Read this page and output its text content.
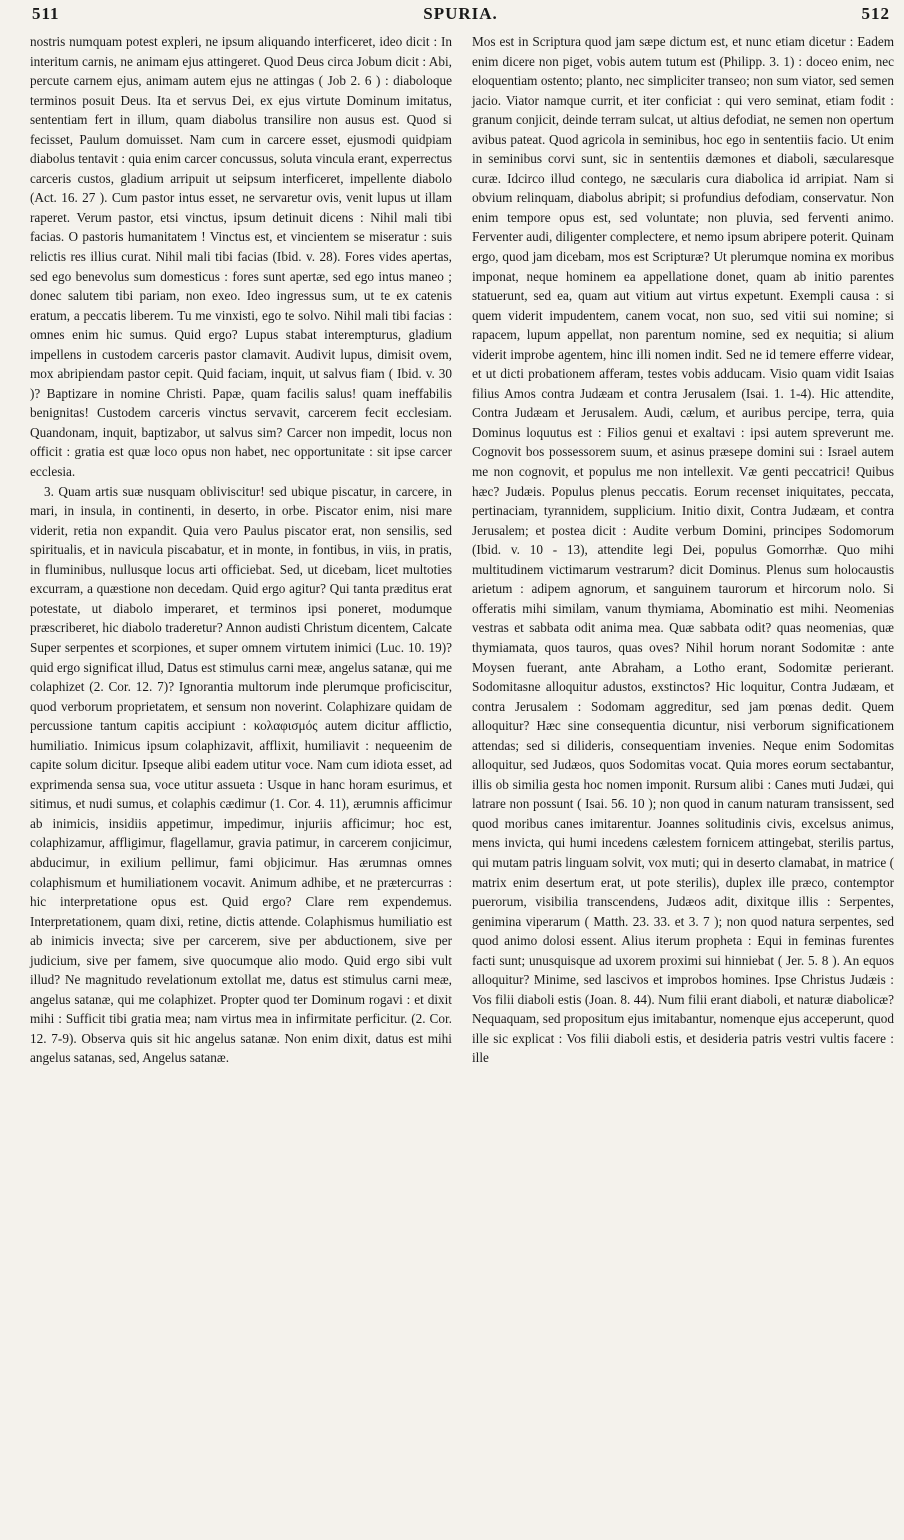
511	SPURIA.	512

nostris numquam potest expleri, ne ipsum aliquando interficeret, ideo dicit : In interitum carnis, ne animam ejus attingeret. Quod Deus circa Jobum dicit : Abi, percute carnem ejus, animam autem ejus ne attingas ( Job 2. 6 ) : diaboloque terminos posuit Deus. Ita et servus Dei, ex ejus virtute Dominum imitatus, sententiam fert in illum, quam diabolus transilire non ausus est. Quod si fecisset, Paulum domuisset. Nam cum in carcere esset, ejusmodi quidpiam diabolus tentavit : quia enim carcer concussus, soluta vincula erant, experrectus carceris custos, gladium arripuit ut seipsum interficeret, impellente diabolo (Act. 16. 27 ). Cum pastor intus esset, ne servaretur ovis, venit lupus ut illam raperet. Verum pastor, etsi vinctus, ipsum detinuit dicens : Nihil mali tibi facias. O pastoris humanitatem ! Vinctus est, et vincientem se miseratur : suis relictis res illius curat. Nihil mali tibi facias (Ibid. v. 28). Fores vides apertas, sed ego benevolus sum domesticus : fores sunt apertæ, sed ego intus maneo ; donec salutem tibi pariam, non exeo. Ideo ingressus sum, ut te ex catenis eratum, a peccatis liberem. Tu me vinxisti, ego te solvo. Nihil mali tibi facias : omnes enim hic sumus. Quid ergo? Lupus stabat interempturus, gladium impellens in custodem carceris pastor clamavit. Audivit lupus, dimisit ovem, mox abripiendam pastor cepit. Quid faciam, inquit, ut salvus fiam ( Ibid. v. 30 )? Baptizare in nomine Christi. Papæ, quam facilis salus! quam ineffabilis benignitas! Custodem carceris vinctus servavit, carcerem fecit ecclesiam. Quandonam, inquit, baptizabor, ut salvus sim? Carcer non impedit, locus non officit : gratia est quæ loco opus non habet, nec opportunitate : sit ipse carcer ecclesia.

3. Quam artis suæ nusquam obliviscitur! sed ubique piscatur, in carcere, in mari, in insula, in continenti, in deserto, in orbe. Piscator enim, nisi mare viderit, retia non expandit. Quia vero Paulus piscator erat, non sensilis, sed spiritualis, et in navicula piscabatur, et in monte, in fontibus, in viis, in pratis, in fluminibus, nullusque locus arti officiebat. Sed, ut dicebam, licet multoties excurram, a quæstione non decedam. Quid ergo agitur? Qui tanta præditus erat potestate, ut diabolo imperaret, et terminos ipsi poneret, modumque præscriberet, hic diabolo traderetur? Annon audisti Christum dicentem, Calcate Super serpentes et scorpiones, et super omnem virtutem inimici (Luc. 10. 19)? quid ergo significat illud, Datus est stimulus carni meæ, angelus satanæ, qui me colaphizet (2. Cor. 12. 7)? Ignorantia multorum inde plerumque proficiscitur, quod verborum proprietatem, et sensum non noverint. Colaphizare quidam de percussione tantum capitis accipiunt : κολαφισμός autem dicitur afflictio, humiliatio. Inimicus ipsum colaphizavit, afflixit, humiliavit : nequeenim de capite solum dicitur. Ipseque alibi eadem utitur voce. Nam cum idiota esset, ad exprimenda sensa sua, voce utitur assueta : Usque in hanc horam esurimus, et sitimus, et nudi sumus, et colaphis cædimur (1. Cor. 4. 11), ærumnis afficimur ab inimicis, insidiis appetimur, impedimur, injuriis afficimur; hoc est, colaphizamur, affligimur, flagellamur, gravia patimur, in carcerem conjicimur, abducimur, in exilium pellimur, fami objicimur. Has ærumnas omnes colaphismum et humiliationem vocavit. Animum adhibe, et ne prætercurras : hic interpretatione opus est. Quid ergo? Clare rem expendemus. Interpretationem, quam dixi, retine, dictis attende. Colaphismus humiliatio est ab inimicis invecta; sive per carcerem, sive per abductionem, sive per judicium, sive per famem, sive quocumque alio modo. Quid ergo sibi vult illud? Ne magnitudo revelationum extollat me, datus est stimulus carni meæ, angelus satanæ, qui me colaphizet. Propter quod ter Dominum rogavi : et dixit mihi : Sufficit tibi gratia mea; nam virtus mea in infirmitate perficitur. (2. Cor. 12. 7-9). Observa quis sit hic angelus satanæ. Non enim dixit, datus est mihi angelus satanas, sed, Angelus satanæ.

Mos est in Scriptura quod jam sæpe dictum est, et nunc etiam dicetur : Eadem enim dicere non piget, vobis autem tutum est (Philipp. 3. 1) : doceo enim, nec eloquentiam ostento; planto, nec simpliciter transeo; non sum viator, sed semen jacio. Viator namque currit, et iter conficiat : qui vero seminat, etiam fodit : granum conjicit, deinde terram sulcat, ut altius defodiat, ne semen non opertum avibus pateat. Quod agricola in seminibus, hoc ego in sententiis facio. Ut enim in seminibus corvi sunt, sic in sententiis dæmones et diaboli, sæcularesque curæ. Idcirco illud contego, ne sæcularis cura diabolica id arripiat. Nam si obvium relinquam, diabolus abripit; si profundius defodiam, conservatur. Non enim tempore opus est, sed voluntate; non pluvia, sed ferventi animo. Ferventer audi, diligenter complectere, et nemo ipsum abripere poterit. Quinam ergo, quod jam dicebam, mos est Scripturæ? Ut plerumque nomina ex moribus imponat, neque hominem ea appellatione donet, quam ab initio parentes statuerunt, sed ea, quam aut vitium aut virtus expetunt. Exempli causa : si quem viderit impudentem, canem vocat, non suo, sed vitii sui nomine; si rapacem, lupum appellat, non parentum nomine, sed ex nequitia; si alium viderit improbe agentem, hinc illi nomen indit. Sed ne id temere efferre videar, et ut dicti probationem afferam, testes vobis adducam. Visio quam vidit Isaias filius Amos contra Judæam et contra Jerusalem (Isai. 1. 1-4). Hic attendite, Contra Judæam et Jerusalem. Audi, cælum, et auribus percipe, terra, quia Dominus loquutus est : Filios genui et exaltavi : ipsi autem spreverunt me. Cognovit bos possessorem suum, et asinus præsepe domini sui : Israel autem me non cognovit, et populus me non intellexit. Væ genti peccatrici! Quibus hæc? Judæis. Populus plenus peccatis. Eorum recenset iniquitates, peccata, pertinaciam, tyrannidem, supplicium. Initio dixit, Contra Judæam, et contra Jerusalem; et postea dicit : Audite verbum Domini, principes Sodomorum (Ibid. v. 10 - 13), attendite legi Dei, populus Gomorrhæ. Quo mihi multitudinem victimarum vestrarum? dicit Dominus. Plenus sum holocaustis arietum : adipem agnorum, et sanguinem taurorum et hircorum nolo. Si offeratis mihi similam, vanum thymiama, Abominatio est mihi. Neomenias vestras et sabbata odit anima mea. Quæ sabbata odit? quas neomenias, quæ thymiamata, quos tauros, quas oves? Nihil horum norant Sodomitæ : ante Moysen fuerant, ante Abraham, a Lotho erant, Sodomitæ perierant. Sodomitasne alloquitur adustos, exstinctos? Hic loquitur, Contra Judæam, et contra Jerusalem : Sodomam aggreditur, sed jam pœnas dedit. Quem alloquitur? Hæc sine consequentia dicuntur, nisi verborum significationem attendas; sed si dilideris, consequentiam invenies. Neque enim Sodomitas alloquitur, sed Judæos, quos Sodomitas vocat. Quia mores eorum sectabantur, illis ob similia gesta hoc nomen imponit. Rursum alibi : Canes muti Judæi, qui latrare non possunt ( Isai. 56. 10 ); non quod in canum naturam transissent, sed quod moribus canes imitarentur. Joannes solitudinis civis, excelsus animus, mens invicta, qui humi incedens cælestem fornicem attingebat, sterilis partus, qui mutam patris linguam solvit, vox muti; qui in deserto clamabat, in matrice ( matrix enim desertum erat, ut pote sterilis), duplex ille præco, contemptor puerorum, visibilia transcendens, Judæos adit, dixitque illis : Serpentes, genimina viperarum ( Matth. 23. 33. et 3. 7 ); non quod natura serpentes, sed quod animo dolosi essent. Alius iterum propheta : Equi in feminas furentes facti sunt; unusquisque ad uxorem proximi sui hinniebat ( Jer. 5. 8 ). An equos alloquitur? Minime, sed lascivos et improbos homines. Ipse Christus Judæis : Vos filii diaboli estis (Joan. 8. 44). Num filii erant diaboli, et naturæ diabolicæ? Nequaquam, sed propositum ejus imitabantur, nomenque ejus acceperunt, quod ille sic explicat : Vos filii diaboli estis, et desideria patris vestri vultis facere : ille
